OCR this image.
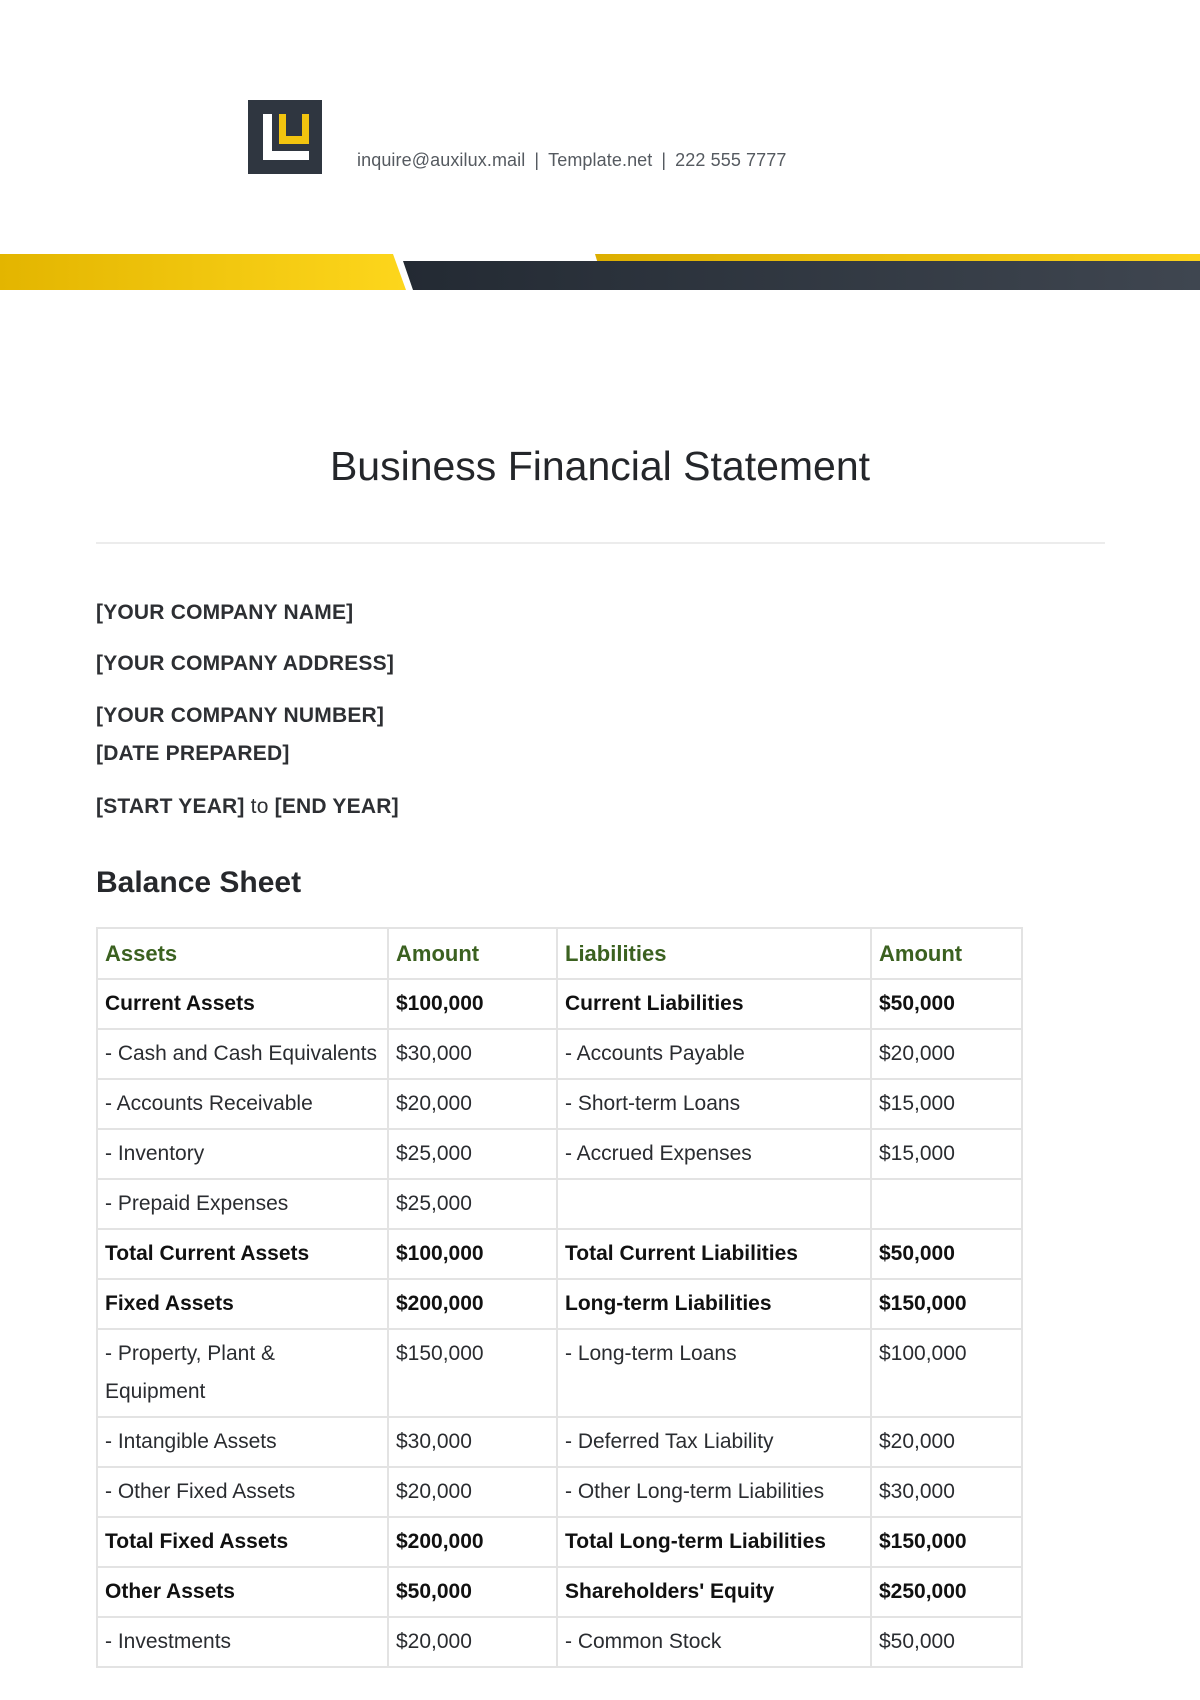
inquire@auxilux.mail | Template.net | 222 555 7777
Business Financial Statement
[YOUR COMPANY NAME]
[YOUR COMPANY ADDRESS]
[YOUR COMPANY NUMBER]
[DATE PREPARED]
[START YEAR] to [END YEAR]
Balance Sheet
Assets	Amount	Liabilities	Amount
Current Assets	$100,000	Current Liabilities	$50,000
- Cash and Cash Equivalents	$30,000	- Accounts Payable	$20,000
- Accounts Receivable	$20,000	- Short-term Loans	$15,000
- Inventory	$25,000	- Accrued Expenses	$15,000
- Prepaid Expenses	$25,000		
Total Current Assets	$100,000	Total Current Liabilities	$50,000
Fixed Assets	$200,000	Long-term Liabilities	$150,000
- Property, Plant & Equipment	$150,000	- Long-term Loans	$100,000
- Intangible Assets	$30,000	- Deferred Tax Liability	$20,000
- Other Fixed Assets	$20,000	- Other Long-term Liabilities	$30,000
Total Fixed Assets	$200,000	Total Long-term Liabilities	$150,000
Other Assets	$50,000	Shareholders' Equity	$250,000
- Investments	$20,000	- Common Stock	$50,000
